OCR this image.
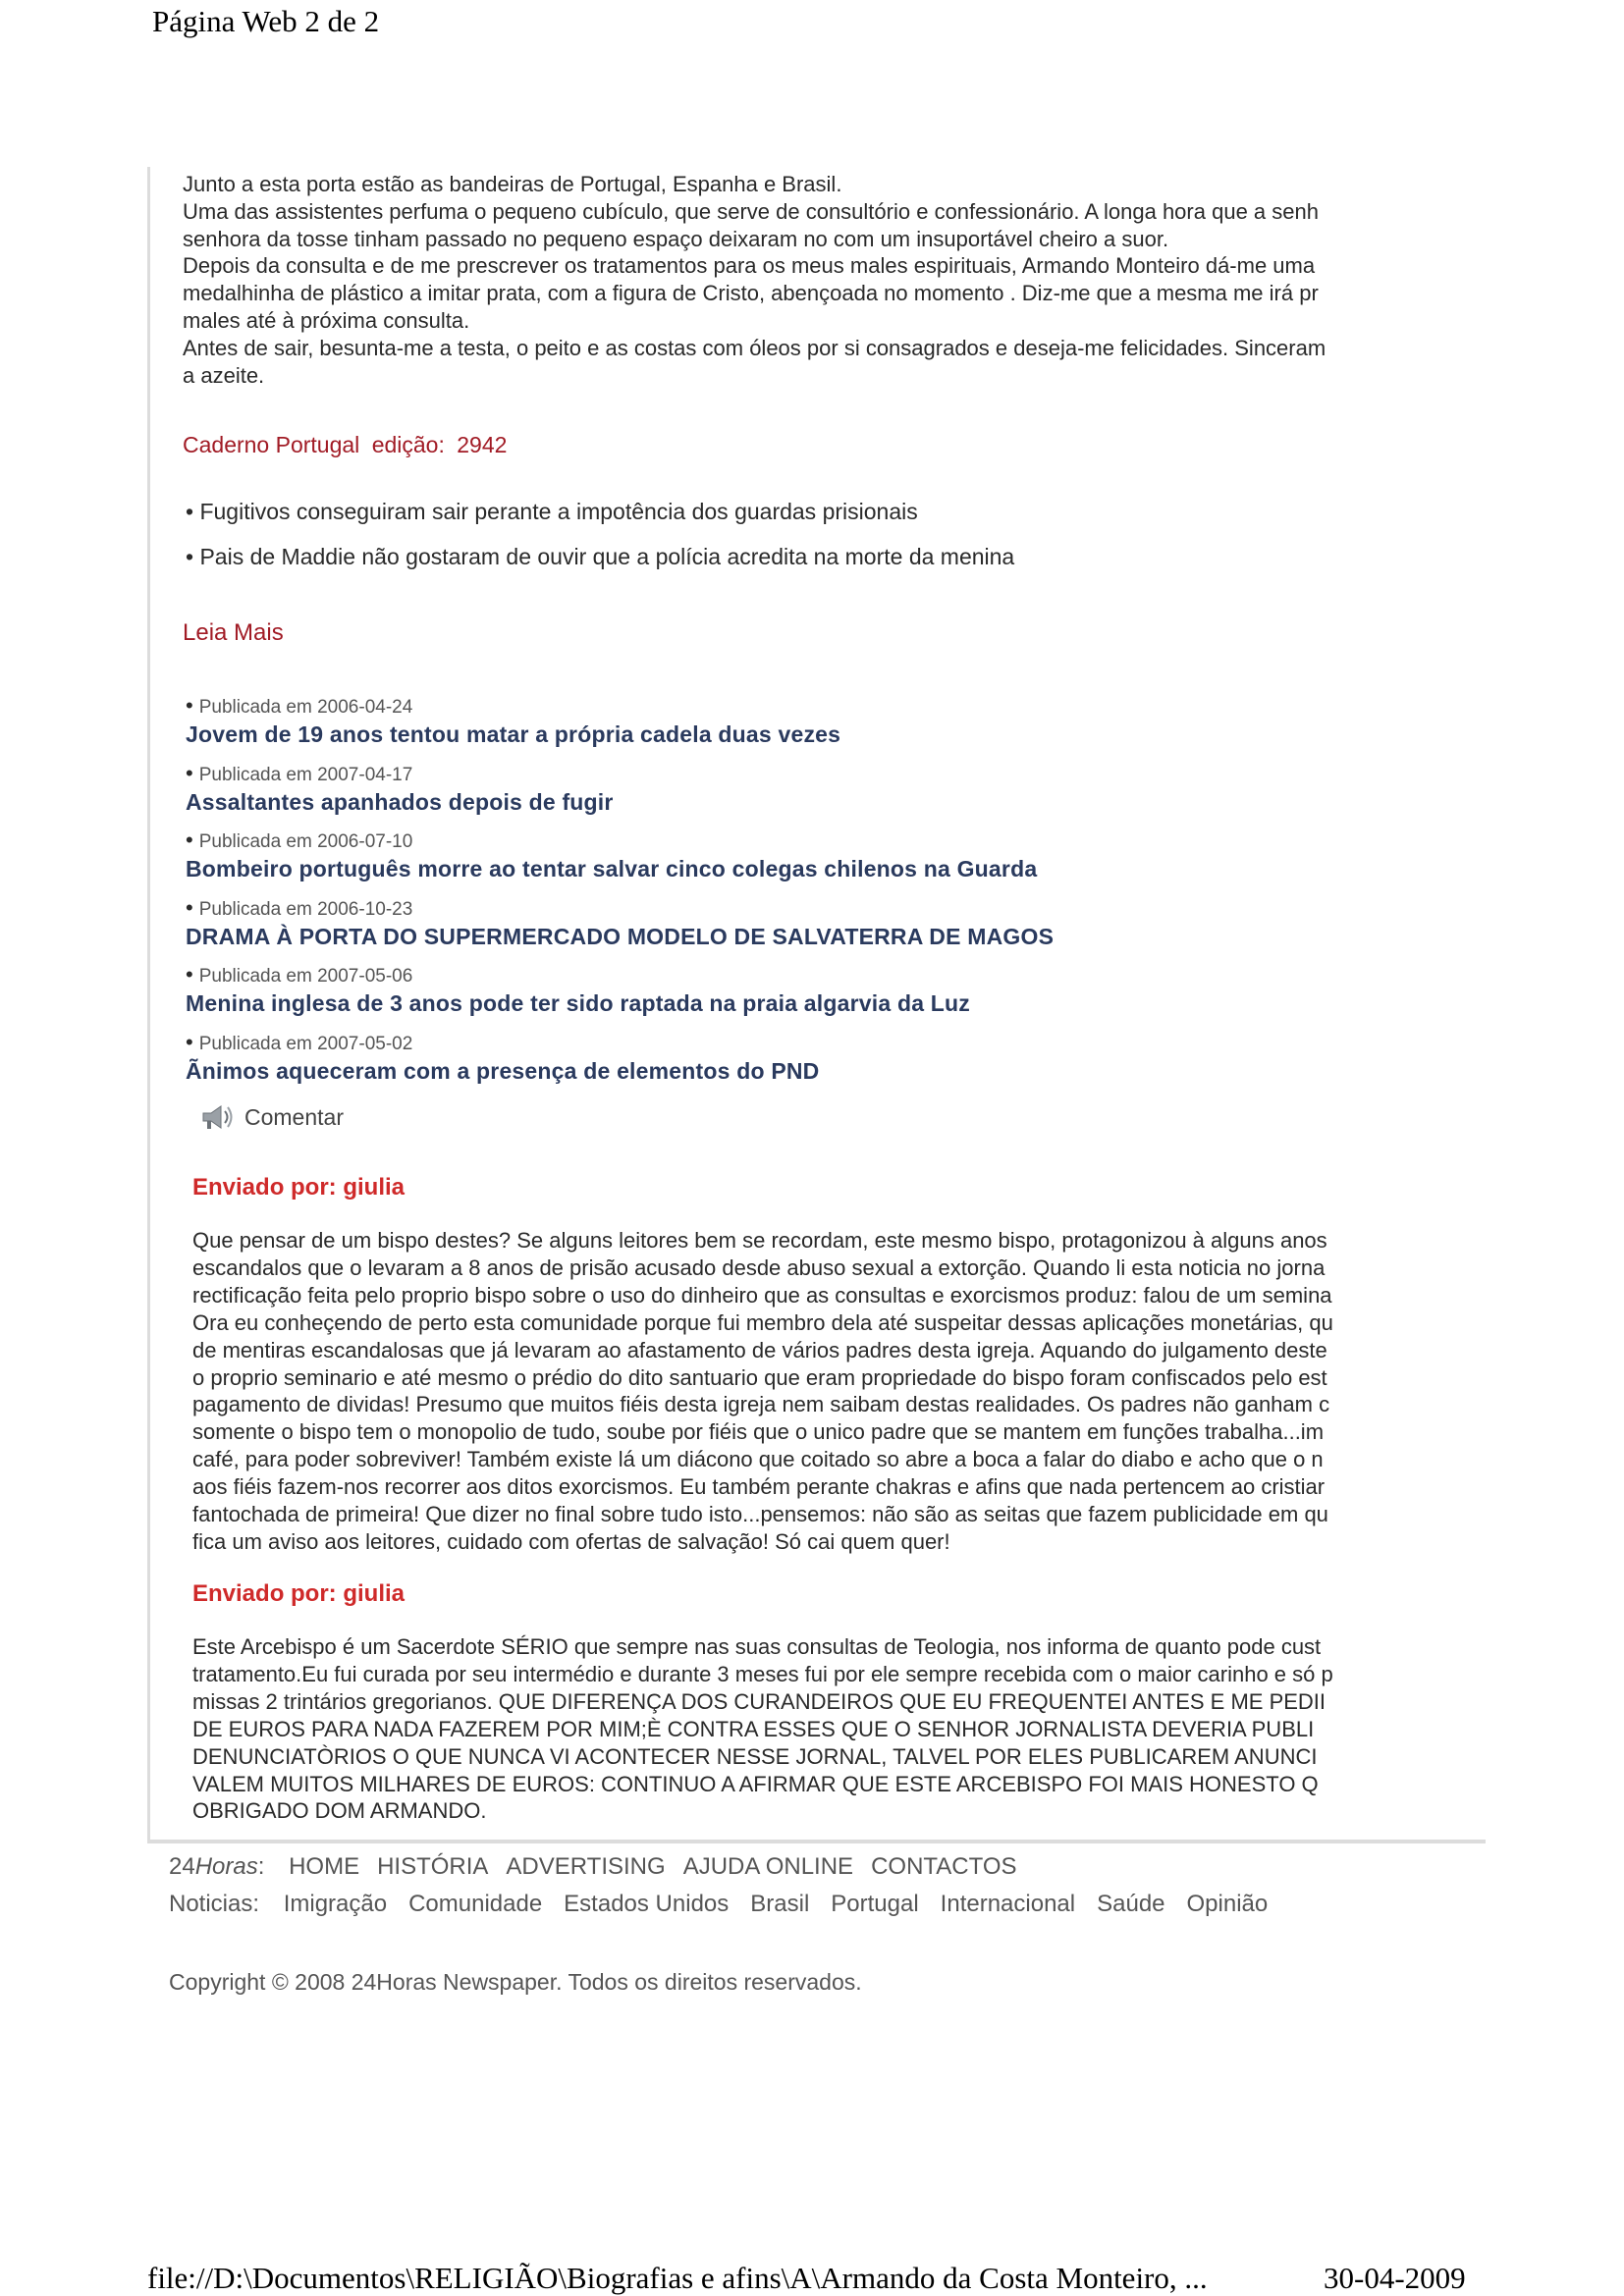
Página Web 2 de 2

Junto a esta porta estão as bandeiras de Portugal, Espanha e Brasil.

Uma das assistentes perfuma o pequeno cubículo, que serve de consultório e confessionário. A longa hora que a senh

senhora da tosse tinham passado no pequeno espaço deixaram no com um insuportável cheiro a suor.

Depois da consulta e de me prescrever os tratamentos para os meus males espirituais, Armando Monteiro dá-me uma

medalhinha de plástico a imitar prata, com a figura de Cristo, abençoada no momento . Diz-me que a mesma me irá pr

males até à próxima consulta.

Antes de sair, besunta-me a testa, o peito e as costas com óleos por si consagrados e deseja-me felicidades. Sinceram

a azeite.

Caderno Portugal edição: 2942
• Fugitivos conseguiram sair perante a impotência dos guardas prisionais
• Pais de Maddie não gostaram de ouvir que a polícia acredita na morte da menina
Leia Mais
• Publicada em 2006-04-24
Jovem de 19 anos tentou matar a própria cadela duas vezes
• Publicada em 2007-04-17
Assaltantes apanhados depois de fugir
• Publicada em 2006-07-10
Bombeiro português morre ao tentar salvar cinco colegas chilenos na Guarda
• Publicada em 2006-10-23
DRAMA À PORTA DO SUPERMERCADO MODELO DE SALVATERRA DE MAGOS
• Publicada em 2007-05-06
Menina inglesa de 3 anos pode ter sido raptada na praia algarvia da Luz
• Publicada em 2007-05-02
Ãnimos aqueceram com a presença de elementos do PND
Comentar
Enviado por: giulia

Que pensar de um bispo destes? Se alguns leitores bem se recordam, este mesmo bispo, protagonizou à alguns anos

escandalos que o levaram a 8 anos de prisão acusado desde abuso sexual a extorção. Quando li esta noticia no jorna

rectificação feita pelo proprio bispo sobre o uso do dinheiro que as consultas e exorcismos produz: falou de um semina

Ora eu conheçendo de perto esta comunidade porque fui membro dela até suspeitar dessas aplicações monetárias, qu

de mentiras escandalosas que já levaram ao afastamento de vários padres desta igreja. Aquando do julgamento deste

o proprio seminario e até mesmo o prédio do dito santuario que eram propriedade do bispo foram confiscados pelo est

pagamento de dividas! Presumo que muitos fiéis desta igreja nem saibam destas realidades. Os padres não ganham c

somente o bispo tem o monopolio de tudo, soube por fiéis que o unico padre que se mantem em funções trabalha...im

café, para poder sobreviver! Também existe lá um diácono que coitado so abre a boca a falar do diabo e acho que o n

aos fiéis fazem-nos recorrer aos ditos exorcismos. Eu também perante chakras e afins que nada pertencem ao cristiar

fantochada de primeira! Que dizer no final sobre tudo isto...pensemos: não são as seitas que fazem publicidade em qu

fica um aviso aos leitores, cuidado com ofertas de salvação! Só cai quem quer!

Enviado por: giulia

Este Arcebispo é um Sacerdote SÉRIO que sempre nas suas consultas de Teologia, nos informa de quanto pode cust

tratamento.Eu fui curada por seu intermédio e durante 3 meses fui por ele sempre recebida com o maior carinho e só p

missas 2 trintários gregorianos. QUE DIFERENÇA DOS CURANDEIROS QUE EU FREQUENTEI ANTES E ME PEDII

DE EUROS PARA NADA FAZEREM POR MIM;È CONTRA ESSES QUE O SENHOR JORNALISTA DEVERIA PUBLI

DENUNCIATÒRIOS O QUE NUNCA VI ACONTECER NESSE JORNAL, TALVEL POR ELES PUBLICAREM ANUNCI

VALEM MUITOS MILHARES DE EUROS: CONTINUO A AFIRMAR QUE ESTE ARCEBISPO FOI MAIS HONESTO Q

OBRIGADO DOM ARMANDO.

24Horas: HOME HISTÓRIA ADVERTISING AJUDA ONLINE CONTACTOS
Noticias: Imigração Comunidade Estados Unidos Brasil Portugal Internacional Saúde Opinião
Copyright © 2008 24Horas Newspaper. Todos os direitos reservados.
file://D:\Documentos\RELIGIÃO\Biografias e afins\A\Armando da Costa Monteiro, ...	30-04-2009
